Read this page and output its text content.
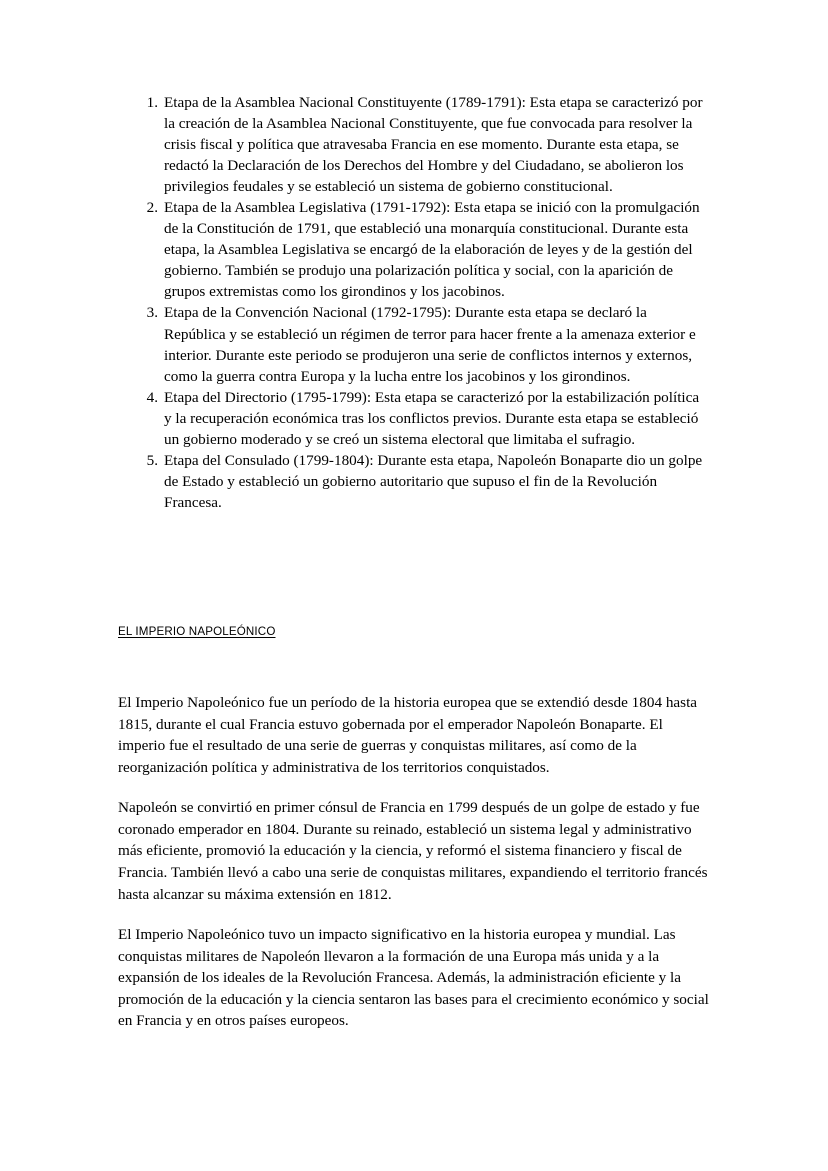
1. Etapa de la Asamblea Nacional Constituyente (1789-1791): Esta etapa se caracterizó por la creación de la Asamblea Nacional Constituyente, que fue convocada para resolver la crisis fiscal y política que atravesaba Francia en ese momento. Durante esta etapa, se redactó la Declaración de los Derechos del Hombre y del Ciudadano, se abolieron los privilegios feudales y se estableció un sistema de gobierno constitucional.
2. Etapa de la Asamblea Legislativa (1791-1792): Esta etapa se inició con la promulgación de la Constitución de 1791, que estableció una monarquía constitucional. Durante esta etapa, la Asamblea Legislativa se encargó de la elaboración de leyes y de la gestión del gobierno. También se produjo una polarización política y social, con la aparición de grupos extremistas como los girondinos y los jacobinos.
3. Etapa de la Convención Nacional (1792-1795): Durante esta etapa se declaró la República y se estableció un régimen de terror para hacer frente a la amenaza exterior e interior. Durante este periodo se produjeron una serie de conflictos internos y externos, como la guerra contra Europa y la lucha entre los jacobinos y los girondinos.
4. Etapa del Directorio (1795-1799): Esta etapa se caracterizó por la estabilización política y la recuperación económica tras los conflictos previos. Durante esta etapa se estableció un gobierno moderado y se creó un sistema electoral que limitaba el sufragio.
5. Etapa del Consulado (1799-1804): Durante esta etapa, Napoleón Bonaparte dio un golpe de Estado y estableció un gobierno autoritario que supuso el fin de la Revolución Francesa.
EL IMPERIO NAPOLEÓNICO

El Imperio Napoleónico fue un período de la historia europea que se extendió desde 1804 hasta 1815, durante el cual Francia estuvo gobernada por el emperador Napoleón Bonaparte. El imperio fue el resultado de una serie de guerras y conquistas militares, así como de la reorganización política y administrativa de los territorios conquistados.

Napoleón se convirtió en primer cónsul de Francia en 1799 después de un golpe de estado y fue coronado emperador en 1804. Durante su reinado, estableció un sistema legal y administrativo más eficiente, promovió la educación y la ciencia, y reformó el sistema financiero y fiscal de Francia. También llevó a cabo una serie de conquistas militares, expandiendo el territorio francés hasta alcanzar su máxima extensión en 1812.

El Imperio Napoleónico tuvo un impacto significativo en la historia europea y mundial. Las conquistas militares de Napoleón llevaron a la formación de una Europa más unida y a la expansión de los ideales de la Revolución Francesa. Además, la administración eficiente y la promoción de la educación y la ciencia sentaron las bases para el crecimiento económico y social en Francia y en otros países europeos.
